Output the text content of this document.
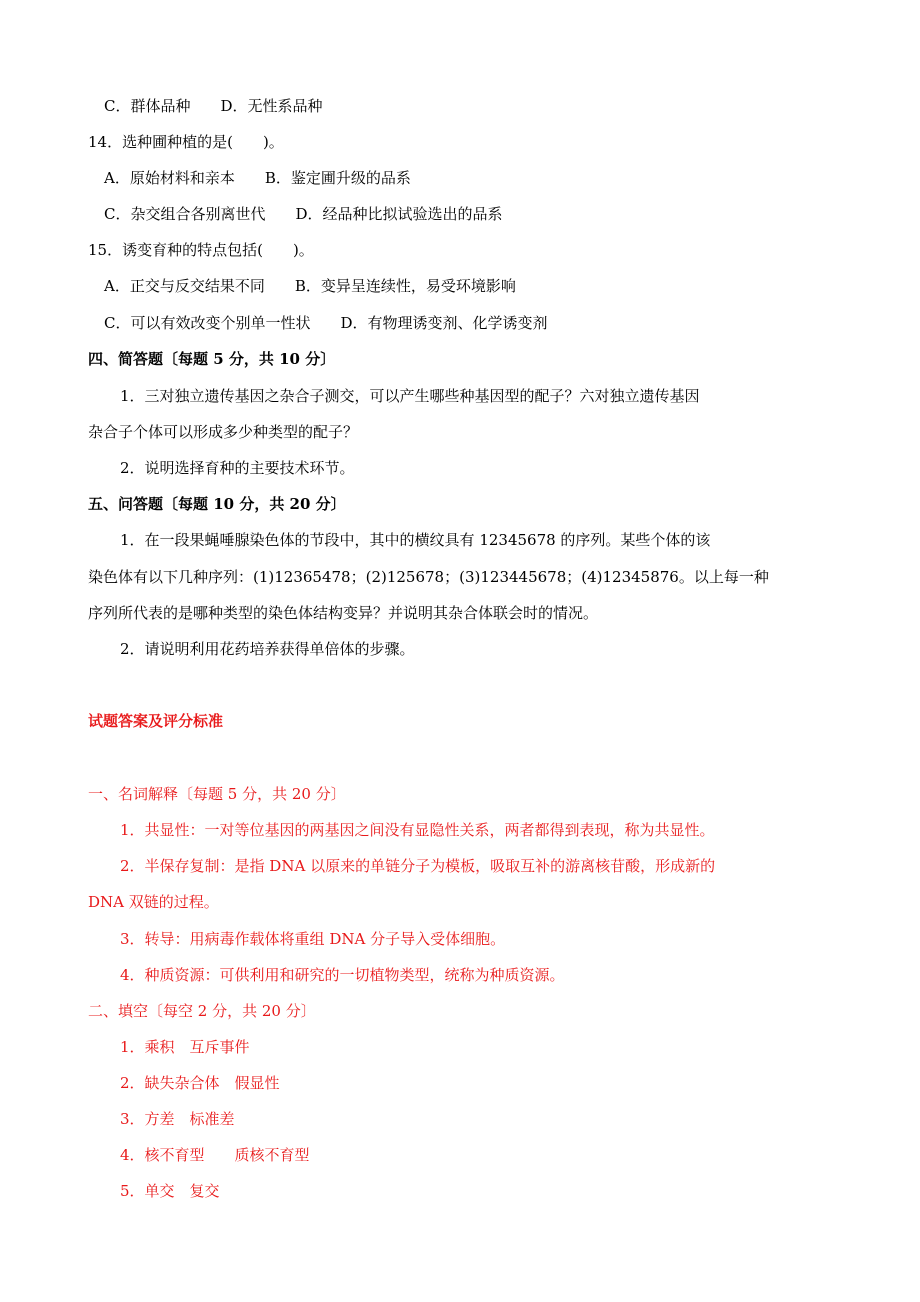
C．群体品种　　D．无性系品种
14．选种圃种植的是(　　)。
A．原始材料和亲本　　B．鉴定圃升级的品系
C．杂交组合各别离世代　　D．经品种比拟试验选出的品系
15．诱变育种的特点包括(　　)。
A．正交与反交结果不同　　B．变异呈连续性，易受环境影响
C．可以有效改变个别单一性状　　D．有物理诱变剂、化学诱变剂
四、简答题〔每题 5 分，共 10 分〕
1．三对独立遗传基因之杂合子测交，可以产生哪些种基因型的配子？六对独立遗传基因
杂合子个体可以形成多少种类型的配子？
2．说明选择育种的主要技术环节。
五、问答题〔每题 10 分，共 20 分〕
1．在一段果蝇唾腺染色体的节段中，其中的横纹具有 12345678 的序列。某些个体的该
染色体有以下几种序列：(1)12365478；(2)125678；(3)123445678；(4)12345876。以上每一种
序列所代表的是哪种类型的染色体结构变异？并说明其杂合体联会时的情况。
2．请说明利用花药培养获得单倍体的步骤。
试题答案及评分标准
一、名词解释〔每题 5 分，共 20 分〕
1．共显性：一对等位基因的两基因之间没有显隐性关系，两者都得到表现，称为共显性。
2．半保存复制：是指 DNA 以原来的单链分子为模板，吸取互补的游离核苷酸，形成新的
DNA 双链的过程。
3．转导：用病毒作载体将重组 DNA 分子导入受体细胞。
4．种质资源：可供利用和研究的一切植物类型，统称为种质资源。
二、填空〔每空 2 分，共 20 分〕
1．乘积　互斥事件
2．缺失杂合体　假显性
3．方差　标准差
4．核不育型　　质核不育型
5．单交　复交
